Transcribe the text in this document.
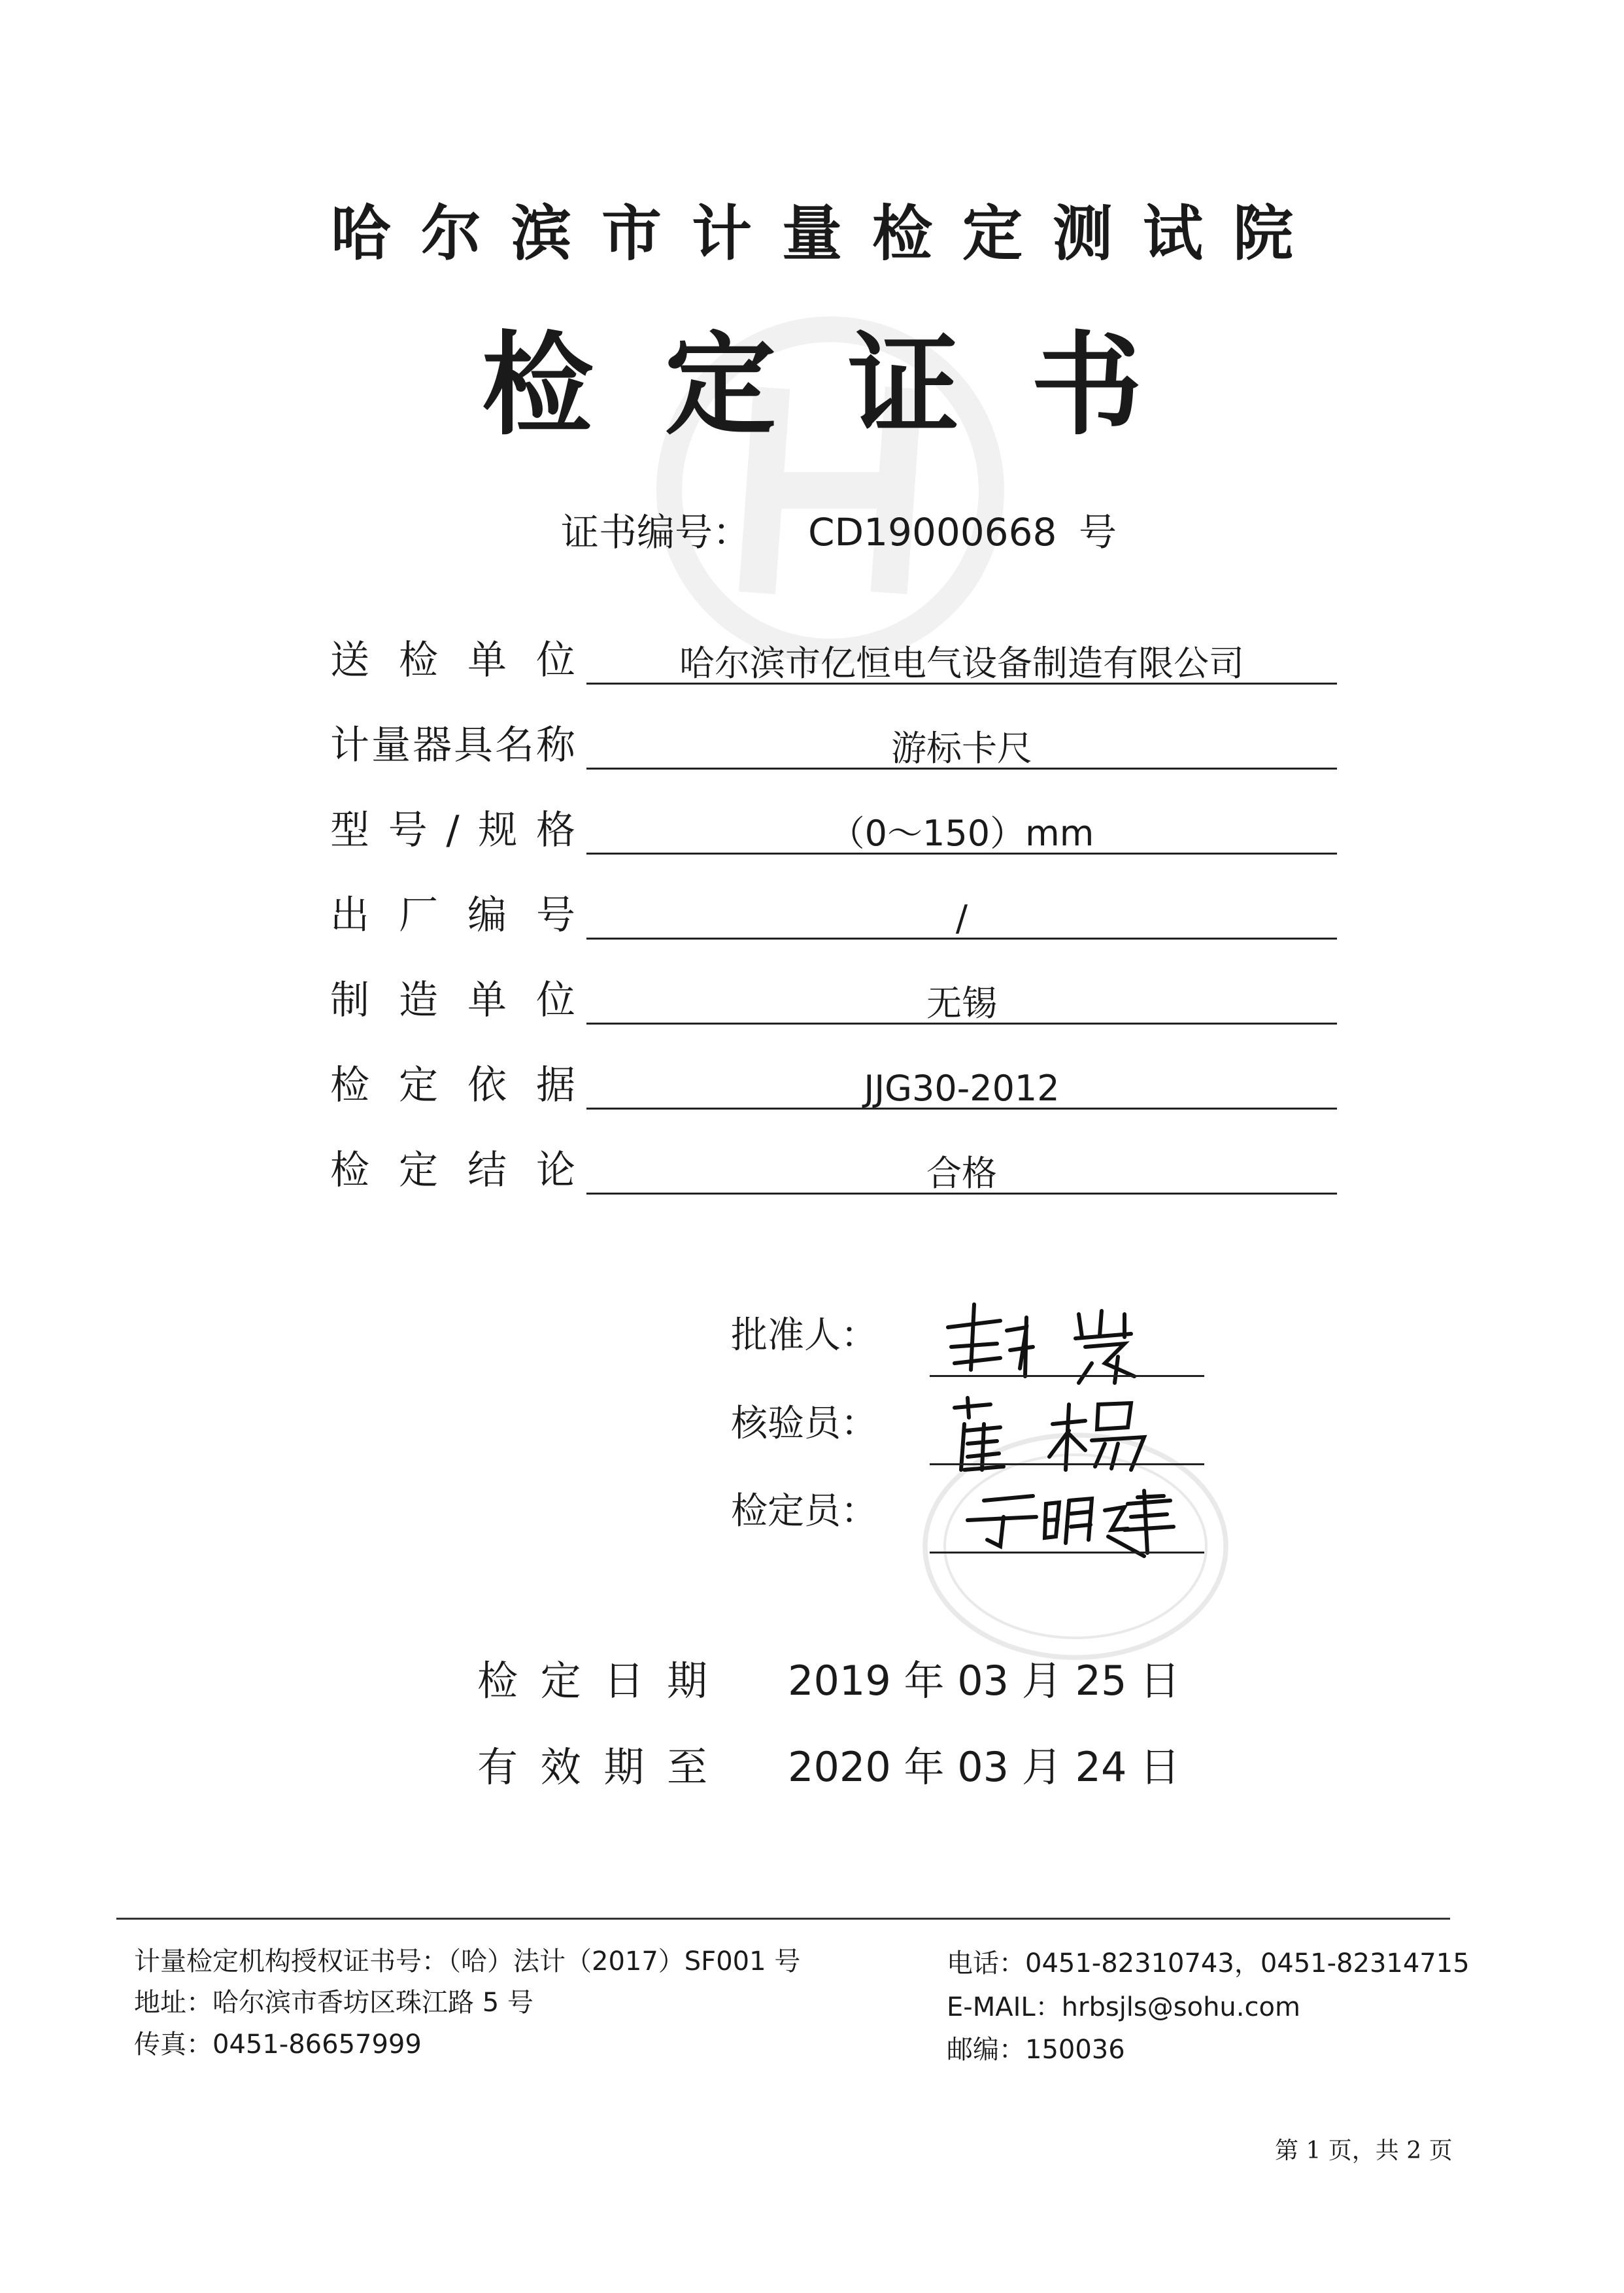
哈尔滨市计量检定测试院
检定证书
证书编号： CD19000668 号
送 检 单 位	哈尔滨市亿恒电气设备制造有限公司
计 量 器 具 名 称	游标卡尺
型 号 / 规 格	（0～150）mm
出 厂 编 号	/
制 造 单 位	无锡
检 定 依 据	JJG30-2012
检 定 结 论	合格
批准人：
核验员：
检定员：
检 定 日 期 2019 年 03 月 25 日
有 效 期 至 2020 年 03 月 24 日
计量检定机构授权证书号：（哈）法计（2017）SF001 号
地址：哈尔滨市香坊区珠江路 5 号
传真：0451-86657999
电话：0451-82310743，0451-82314715
E-MAIL：hrbsjls@sohu.com
邮编：150036
第 1 页，共 2 页
